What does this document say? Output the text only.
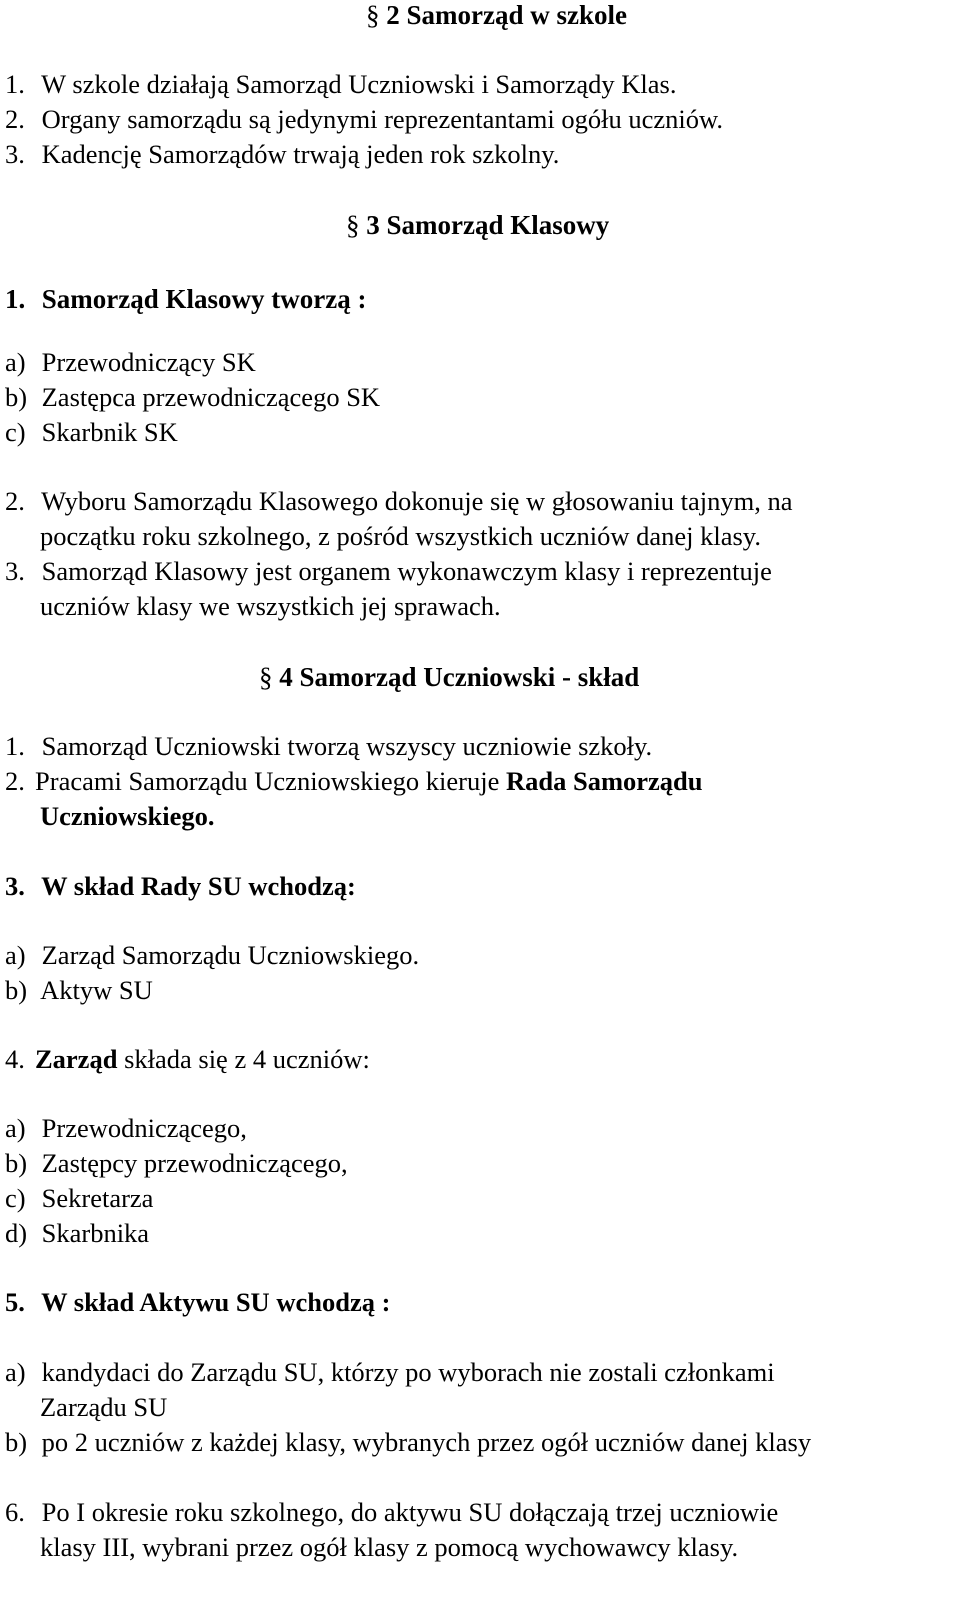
§ 2 Samorząd w szkole
1. W szkole działają Samorząd Uczniowski i Samorządy Klas.
2. Organy samorządu są jedynymi reprezentantami ogółu uczniów.
3. Kadencję Samorządów trwają jeden rok szkolny.
§ 3 Samorząd Klasowy
1. Samorząd Klasowy tworzą :
a) Przewodniczący SK
b) Zastępca przewodniczącego SK
c) Skarbnik SK
2. Wyboru Samorządu Klasowego dokonuje się w głosowaniu tajnym, na
początku roku szkolnego, z pośród wszystkich uczniów danej klasy.
3. Samorząd Klasowy jest organem wykonawczym klasy i reprezentuje
uczniów klasy we wszystkich jej sprawach.
§ 4 Samorząd Uczniowski - skład
1. Samorząd Uczniowski tworzą wszyscy uczniowie szkoły.
2. Pracami Samorządu Uczniowskiego kieruje Rada Samorządu
Uczniowskiego.
3. W skład Rady SU wchodzą:
a) Zarząd Samorządu Uczniowskiego.
b) Aktyw SU
4. Zarząd składa się z 4 uczniów:
a) Przewodniczącego,
b) Zastępcy przewodniczącego,
c) Sekretarza
d) Skarbnika
5. W skład Aktywu SU wchodzą :
a) kandydaci do Zarządu SU, którzy po wyborach nie zostali członkami
Zarządu SU
b) po 2 uczniów z każdej klasy, wybranych przez ogół uczniów danej klasy
6. Po I okresie roku szkolnego, do aktywu SU dołączają trzej uczniowie
klasy III, wybrani przez ogół klasy z pomocą wychowawcy klasy.
